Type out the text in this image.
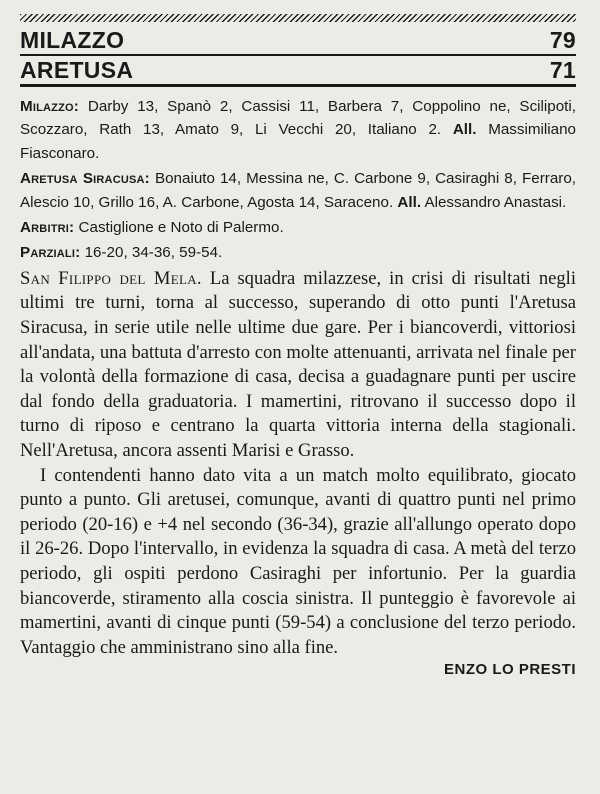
MILAZZO	79
ARETUSA	71

Milazzo: Darby 13, Spanò 2, Cassisi 11, Barbera 7, Coppolino ne, Scilipoti, Scozzaro, Rath 13, Amato 9, Li Vecchi 20, Italiano 2. All. Massimiliano Fiasconaro.

Aretusa Siracusa: Bonaiuto 14, Messina ne, C. Carbone 9, Casiraghi 8, Ferraro, Alescio 10, Grillo 16, A. Carbone, Agosta 14, Saraceno. All. Alessandro Anastasi.

Arbitri: Castiglione e Noto di Palermo.

Parziali: 16-20, 34-36, 59-54.

San Filippo del Mela. La squadra milazzese, in crisi di risultati negli ultimi tre turni, torna al successo, superando di otto punti l'Aretusa Siracusa, in serie utile nelle ultime due gare. Per i biancoverdi, vittoriosi all'andata, una battuta d'arresto con molte attenuanti, arrivata nel finale per la volontà della formazione di casa, decisa a guadagnare punti per uscire dal fondo della graduatoria. I mamertini, ritrovano il successo dopo il turno di riposo e centrano la quarta vittoria interna della stagionali. Nell'Aretusa, ancora assenti Marisi e Grasso.

I contendenti hanno dato vita a un match molto equilibrato, giocato punto a punto. Gli aretusei, comunque, avanti di quattro punti nel primo periodo (20-16) e +4 nel secondo (36-34), grazie all'allungo operato dopo il 26-26. Dopo l'intervallo, in evidenza la squadra di casa. A metà del terzo periodo, gli ospiti perdono Casiraghi per infortunio. Per la guardia biancoverde, stiramento alla coscia sinistra. Il punteggio è favorevole ai mamertini, avanti di cinque punti (59-54) a conclusione del terzo periodo. Vantaggio che amministrano sino alla fine.

ENZO LO PRESTI
